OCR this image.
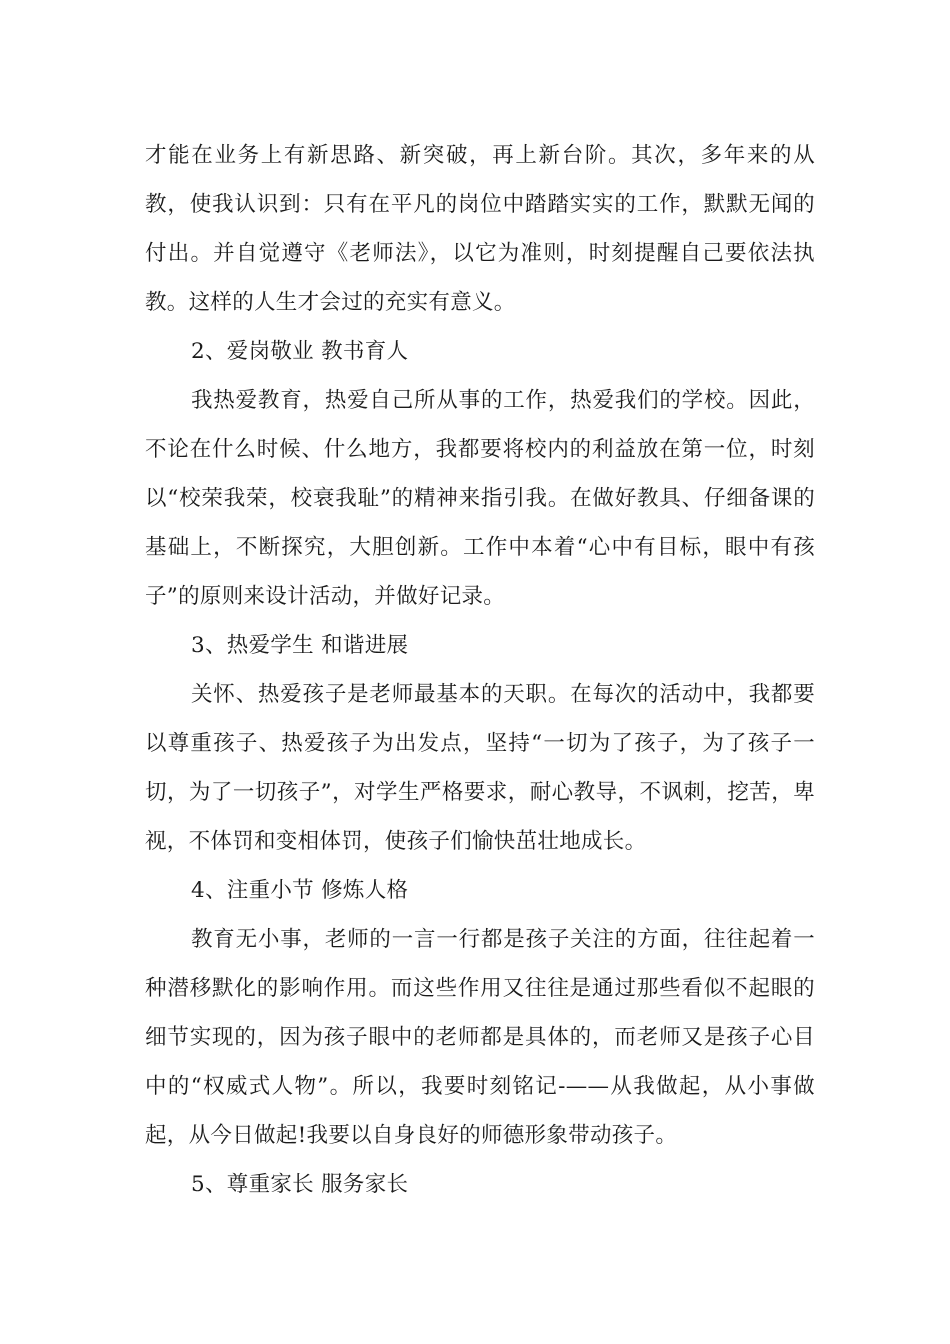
才能在业务上有新思路、新突破，再上新台阶。其次，多年来的从教，使我认识到：只有在平凡的岗位中踏踏实实的工作，默默无闻的付出。并自觉遵守《老师法》，以它为准则，时刻提醒自己要依法执教。这样的人生才会过的充实有意义。

2、爱岗敬业 教书育人

我热爱教育，热爱自己所从事的工作，热爱我们的学校。因此，不论在什么时候、什么地方，我都要将校内的利益放在第一位，时刻以“校荣我荣，校衰我耻”的精神来指引我。在做好教具、仔细备课的基础上，不断探究，大胆创新。工作中本着“心中有目标，眼中有孩子”的原则来设计活动，并做好记录。

3、热爱学生 和谐进展

关怀、热爱孩子是老师最基本的天职。在每次的活动中，我都要以尊重孩子、热爱孩子为出发点，坚持“一切为了孩子，为了孩子一切，为了一切孩子”，对学生严格要求，耐心教导，不讽刺，挖苦，卑视，不体罚和变相体罚，使孩子们愉快茁壮地成长。

4、注重小节 修炼人格

教育无小事，老师的一言一行都是孩子关注的方面，往往起着一种潜移默化的影响作用。而这些作用又往往是通过那些看似不起眼的细节实现的，因为孩子眼中的老师都是具体的，而老师又是孩子心目中的“权威式人物”。所以，我要时刻铭记-——从我做起，从小事做起，从今日做起!我要以自身良好的师德形象带动孩子。

5、尊重家长 服务家长
